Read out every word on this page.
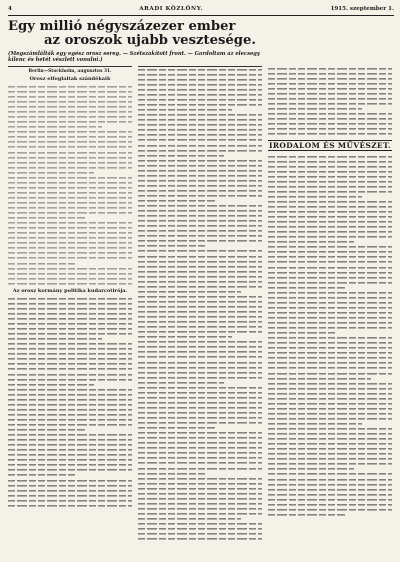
4	ARADI KÖZLÖNY.	1915. szeptember 1.
Egy millió négyszázezer ember
az oroszok ujabb vesztesége.
(Megszámlálták egy egész orosz sereg. — Szétszakított front. — Gardoltam az elecsegy kilenc és hetét vészlett vonulni.)
Berlin—Stockholm, augusztus 31.
Orosz elfoglaltak szándékaik
Az orosz kormány politika kudarcotirója.
IRODALOM ÉS MŰVÉSZET.
